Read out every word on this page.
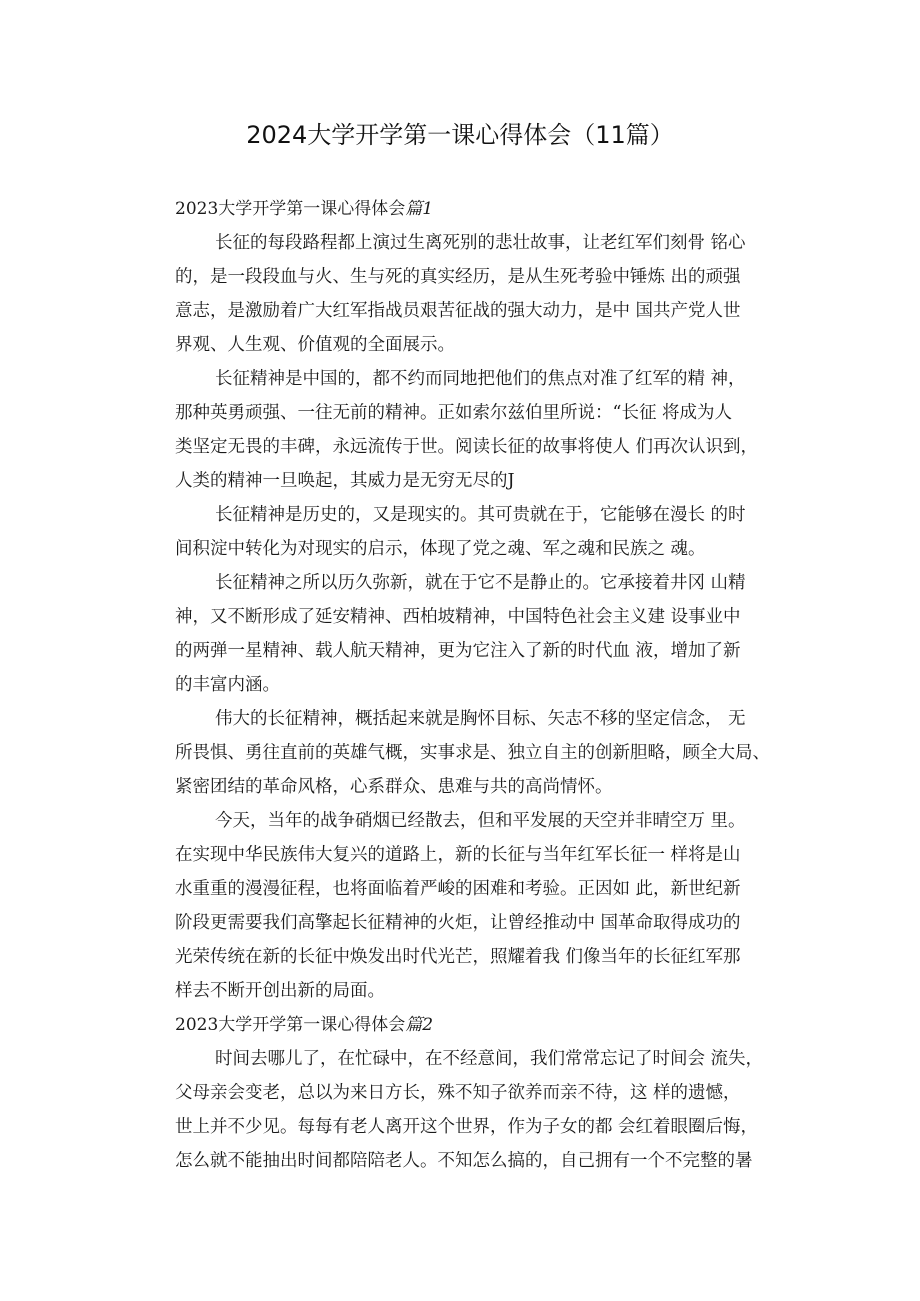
2024大学开学第一课心得体会（11篇）
2023大学开学第一课心得体会篇1
长征的每段路程都上演过生离死别的悲壮故事，让老红军们刻骨 铭心
的，是一段段血与火、生与死的真实经历，是从生死考验中锤炼 出的顽强
意志，是激励着广大红军指战员艰苦征战的强大动力，是中 国共产党人世
界观、人生观、价值观的全面展示。
长征精神是中国的，都不约而同地把他们的焦点对准了红军的精 神，
那种英勇顽强、一往无前的精神。正如索尔兹伯里所说：“长征 将成为人
类坚定无畏的丰碑，永远流传于世。阅读长征的故事将使人 们再次认识到，
人类的精神一旦唤起，其威力是无穷无尽的J
长征精神是历史的，又是现实的。其可贵就在于，它能够在漫长 的时
间积淀中转化为对现实的启示，体现了党之魂、军之魂和民族之 魂。
长征精神之所以历久弥新，就在于它不是静止的。它承接着井冈 山精
神，又不断形成了延安精神、西柏坡精神，中国特色社会主义建 设事业中
的两弹一星精神、载人航天精神，更为它注入了新的时代血 液，增加了新
的丰富内涵。
伟大的长征精神，概括起来就是胸怀目标、矢志不移的坚定信念， 无
所畏惧、勇往直前的英雄气概，实事求是、独立自主的创新胆略，顾全大局、
紧密团结的革命风格，心系群众、患难与共的高尚情怀。
今天，当年的战争硝烟已经散去，但和平发展的天空并非晴空万 里。
在实现中华民族伟大复兴的道路上，新的长征与当年红军长征一 样将是山
水重重的漫漫征程，也将面临着严峻的困难和考验。正因如 此，新世纪新
阶段更需要我们高擎起长征精神的火炬，让曾经推动中 国革命取得成功的
光荣传统在新的长征中焕发出时代光芒，照耀着我 们像当年的长征红军那
样去不断开创出新的局面。
2023大学开学第一课心得体会篇2
时间去哪儿了，在忙碌中，在不经意间，我们常常忘记了时间会 流失，
父母亲会变老，总以为来日方长，殊不知子欲养而亲不待，这 样的遗憾，
世上并不少见。每每有老人离开这个世界，作为子女的都 会红着眼圈后悔，
怎么就不能抽出时间都陪陪老人。不知怎么搞的，自己拥有一个不完整的暑
